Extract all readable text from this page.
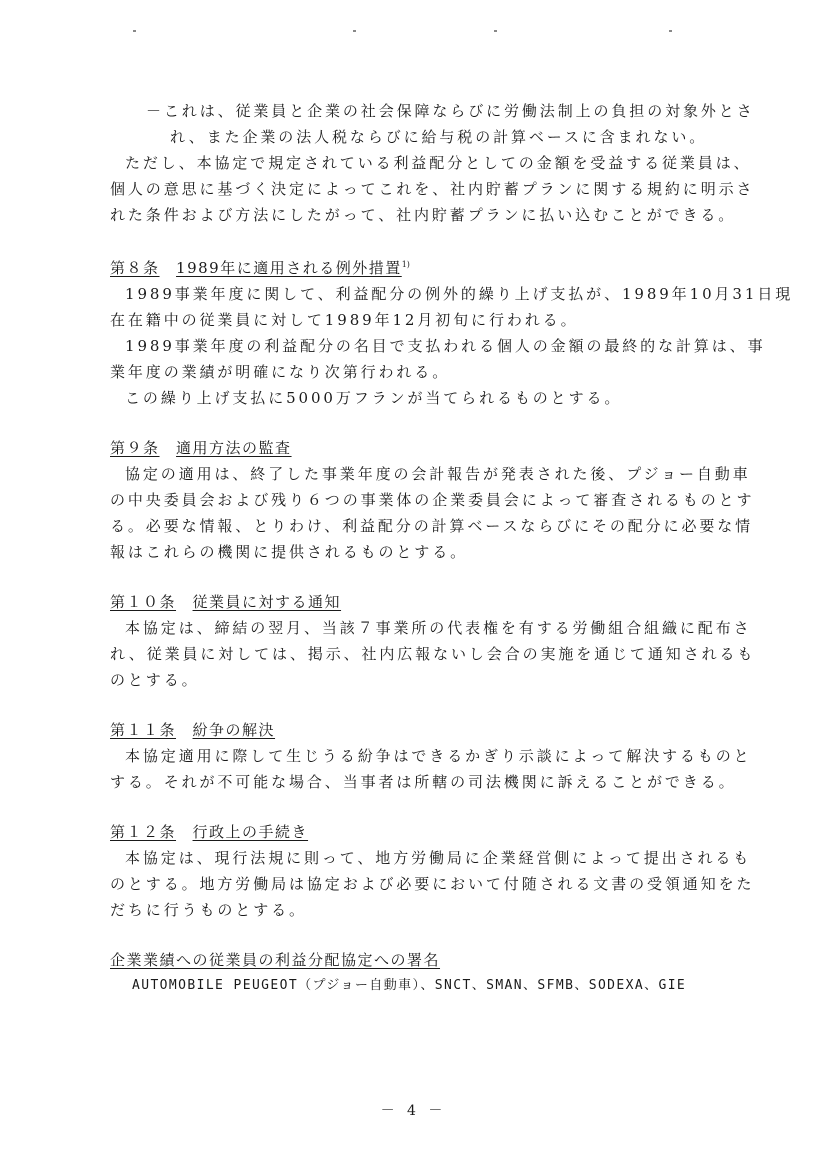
－これは、従業員と企業の社会保障ならびに労働法制上の負担の対象外とさ

れ、また企業の法人税ならびに給与税の計算ベースに含まれない。

ただし、本協定で規定されている利益配分としての金額を受益する従業員は、

個人の意思に基づく決定によってこれを、社内貯蓄プランに関する規約に明示さ

れた条件および方法にしたがって、社内貯蓄プランに払い込むことができる。

第８条　 1989年に適用される例外措置$^{1)}$

1989事業年度に関して、利益配分の例外的繰り上げ支払が、1989年10月31日現

在在籍中の従業員に対して1989年12月初旬に行われる。

1989事業年度の利益配分の名目で支払われる個人の金額の最終的な計算は、事

業年度の業績が明確になり次第行われる。

この繰り上げ支払に5000万フランが当てられるものとする。

第９条　 適用方法の監査

協定の適用は、終了した事業年度の会計報告が発表された後、プジョー自動車

の中央委員会および残り６つの事業体の企業委員会によって審査されるものとす

る。必要な情報、とりわけ、利益配分の計算ベースならびにその配分に必要な情

報はこれらの機関に提供されるものとする。

第１０条　 従業員に対する通知

本協定は、締結の翌月、当該７事業所の代表権を有する労働組合組織に配布さ

れ、従業員に対しては、掲示、社内広報ないし会合の実施を通じて通知されるも

のとする。

第１１条　 紛争の解決

本協定適用に際して生じうる紛争はできるかぎり示談によって解決するものと

する。それが不可能な場合、当事者は所轄の司法機関に訴えることができる。

第１２条　 行政上の手続き

本協定は、現行法規に則って、地方労働局に企業経営側によって提出されるも

のとする。地方労働局は協定および必要において付随される文書の受領通知をた

だちに行うものとする。

企業業績への従業員の利益分配協定への署名

AUTOMOBILE PEUGEOT（プジョー自動車）、SNCT、SMAN、SFMB、SODEXA、GIE

－ 4 －
